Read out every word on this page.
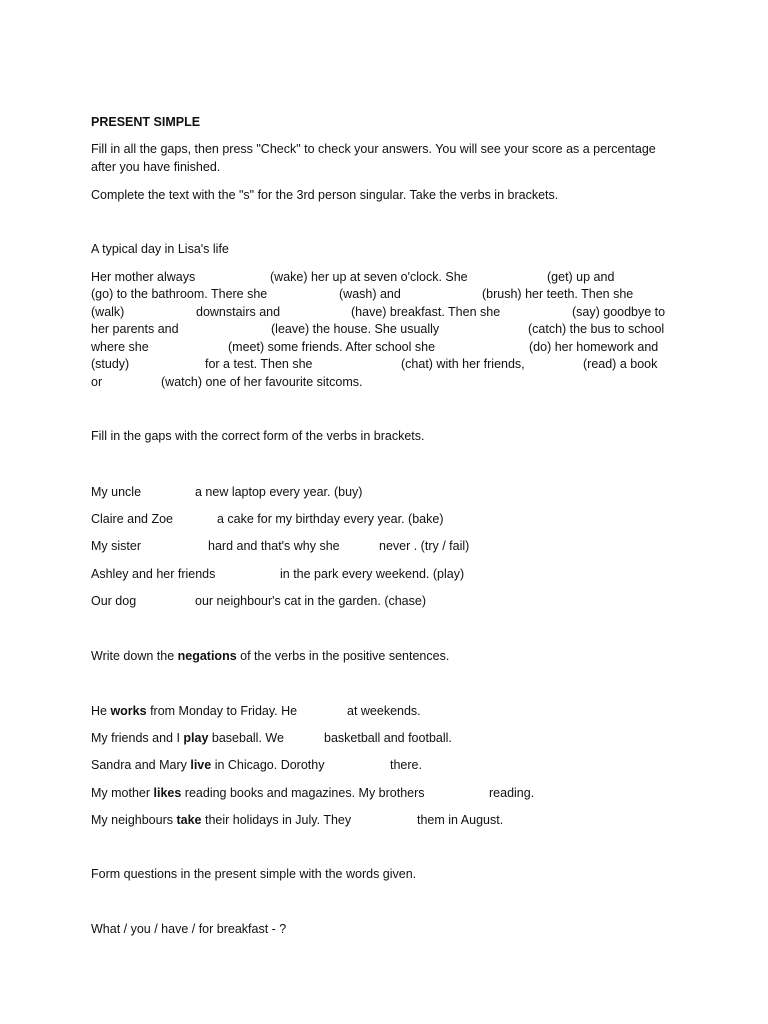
PRESENT SIMPLE
Fill in all the gaps, then press "Check" to check your answers. You will see your score as a percentage
after you have finished.
Complete the text with the "s" for the 3rd person singular. Take the verbs in brackets.
A typical day in Lisa's life
Her mother always	(wake) her up at seven o'clock. She	(get) up and
(go) to the bathroom. There she	(wash) and	(brush) her teeth. Then she
(walk)	downstairs and	(have) breakfast. Then she	(say) goodbye to
her parents and	(leave) the house. She usually	(catch) the bus to school
where she	(meet) some friends. After school she	(do) her homework and
(study)	for a test. Then she	(chat) with her friends,	(read) a book
or	(watch) one of her favourite sitcoms.
Fill in the gaps with the correct form of the verbs in brackets.
My uncle	a new laptop every year. (buy)
Claire and Zoe	a cake for my birthday every year. (bake)
My sister	hard and that's why she	never . (try / fail)
Ashley and her friends	in the park every weekend. (play)
Our dog	our neighbour's cat in the garden. (chase)
Write down the negations of the verbs in the positive sentences.
He works from Monday to Friday. He	at weekends.
My friends and I play baseball. We	basketball and football.
Sandra and Mary live in Chicago. Dorothy	there.
My mother likes reading books and magazines. My brothers	reading.
My neighbours take their holidays in July. They	them in August.
Form questions in the present simple with the words given.
What / you / have / for breakfast - ?
